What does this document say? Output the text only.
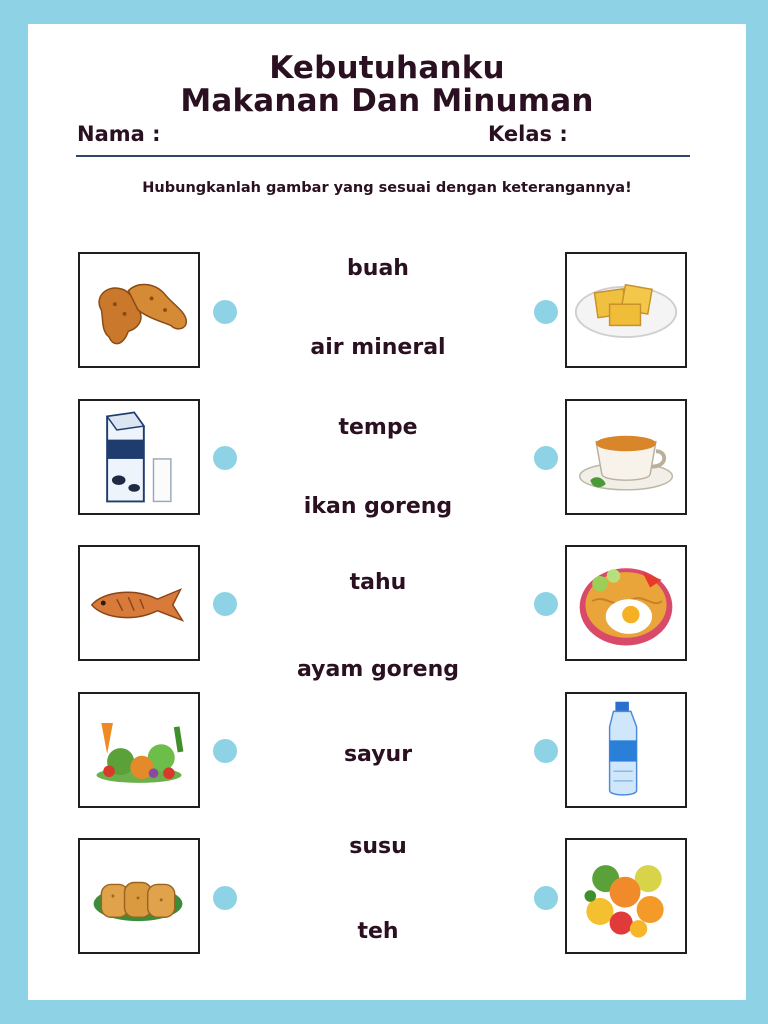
Kebutuhanku
Makanan Dan Minuman
Nama :	Kelas :
Hubungkanlah gambar yang sesuai dengan keterangannya!
buah
air mineral
tempe
ikan goreng
tahu
ayam goreng
sayur
susu
teh
